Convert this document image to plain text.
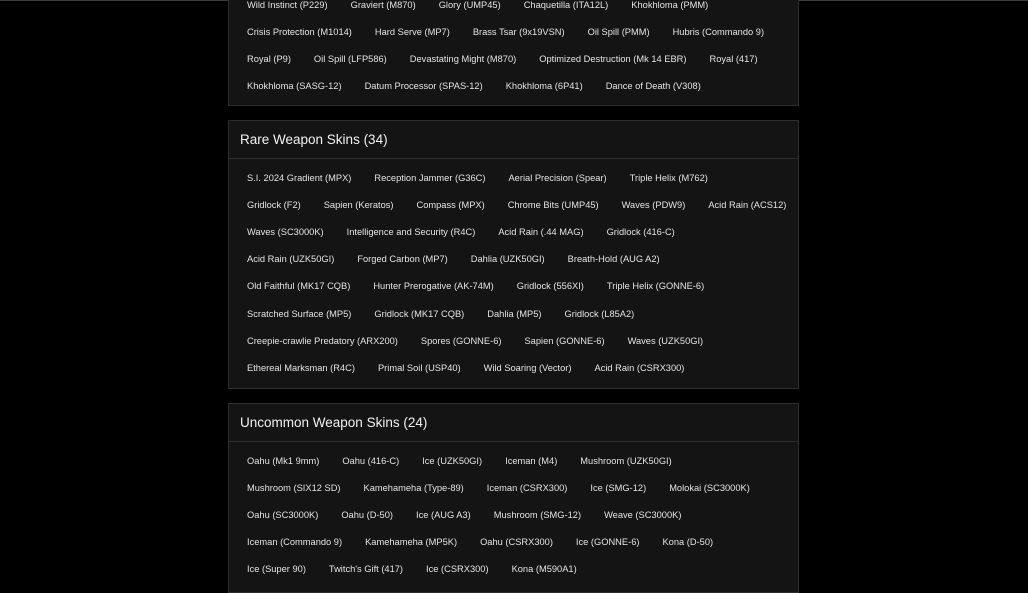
Wild Instinct (P229)	Graviert (M870)	Glory (UMP45)	Chaquetilla (ITA12L)	Khokhloma (PMM)
Crisis Protection (M1014)	Hard Serve (MP7)	Brass Tsar (9x19VSN)	Oil Spill (PMM)	Hubris (Commando 9)
Royal (P9)	Oil Spill (LFP586)	Devastating Might (M870)	Optimized Destruction (Mk 14 EBR)	Royal (417)
Khokhloma (SASG-12)	Datum Processor (SPAS-12)	Khokhloma (6P41)	Dance of Death (V308)
Rare Weapon Skins (34)
S.I. 2024 Gradient (MPX)	Reception Jammer (G36C)	Aerial Precision (Spear)	Triple Helix (M762)
Gridlock (F2)	Sapien (Keratos)	Compass (MPX)	Chrome Bits (UMP45)	Waves (PDW9)	Acid Rain (ACS12)
Waves (SC3000K)	Intelligence and Security (R4C)	Acid Rain (.44 MAG)	Gridlock (416-C)
Acid Rain (UZK50GI)	Forged Carbon (MP7)	Dahlia (UZK50GI)	Breath-Hold (AUG A2)
Old Faithful (MK17 CQB)	Hunter Prerogative (AK-74M)	Gridlock (556XI)	Triple Helix (GONNE-6)
Scratched Surface (MP5)	Gridlock (MK17 CQB)	Dahlia (MP5)	Gridlock (L85A2)
Creepie-crawlie Predatory (ARX200)	Spores (GONNE-6)	Sapien (GONNE-6)	Waves (UZK50GI)
Ethereal Marksman (R4C)	Primal Soil (USP40)	Wild Soaring (Vector)	Acid Rain (CSRX300)
Uncommon Weapon Skins (24)
Oahu (Mk1 9mm)	Oahu (416-C)	Ice (UZK50GI)	Iceman (M4)	Mushroom (UZK50GI)
Mushroom (SIX12 SD)	Kamehameha (Type-89)	Iceman (CSRX300)	Ice (SMG-12)	Molokai (SC3000K)
Oahu (SC3000K)	Oahu (D-50)	Ice (AUG A3)	Mushroom (SMG-12)	Weave (SC3000K)
Iceman (Commando 9)	Kamehameha (MP5K)	Oahu (CSRX300)	Ice (GONNE-6)	Kona (D-50)
Ice (Super 90)	Twitch's Gift (417)	Ice (CSRX300)	Kona (M590A1)
